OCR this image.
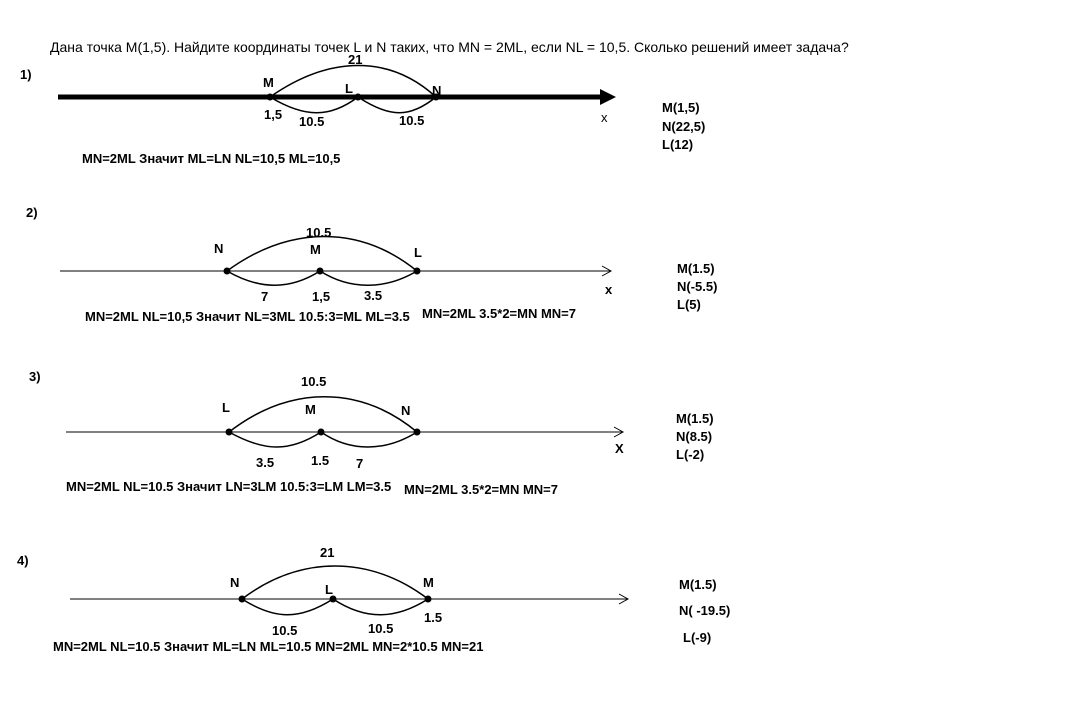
Дана точка M(1,5). Найдите координаты точек L и N таких, что MN = 2ML, если NL = 10,5. Сколько решений имеет задача?
1)
21
M	L	N
1,5 10.5	10.5	x
M(1,5)
N(22,5)
L(12)
MN=2ML Значит ML=LN NL=10,5 ML=10,5
2)
10.5
N	M	L
7	1,5	3.5	x
M(1.5)
N(-5.5)
L(5)
MN=2ML NL=10,5 Значит NL=3ML 10.5:3=ML ML=3.5 MN=2ML 3.5*2=MN MN=7
3)	10.5
L	M	N
3.5	1.5 7
X
M(1.5)
N(8.5)
L(-2)
MN=2ML NL=10.5 Значит LN=3LM 10.5:3=LM LM=3.5 MN=2ML 3.5*2=MN MN=7
4)
21
N	L	M
10.5	10.5
1.5
M(1.5)
N( -19.5)
L(-9)
MN=2ML NL=10.5 Значит ML=LN ML=10.5 MN=2ML MN=2*10.5 MN=21
